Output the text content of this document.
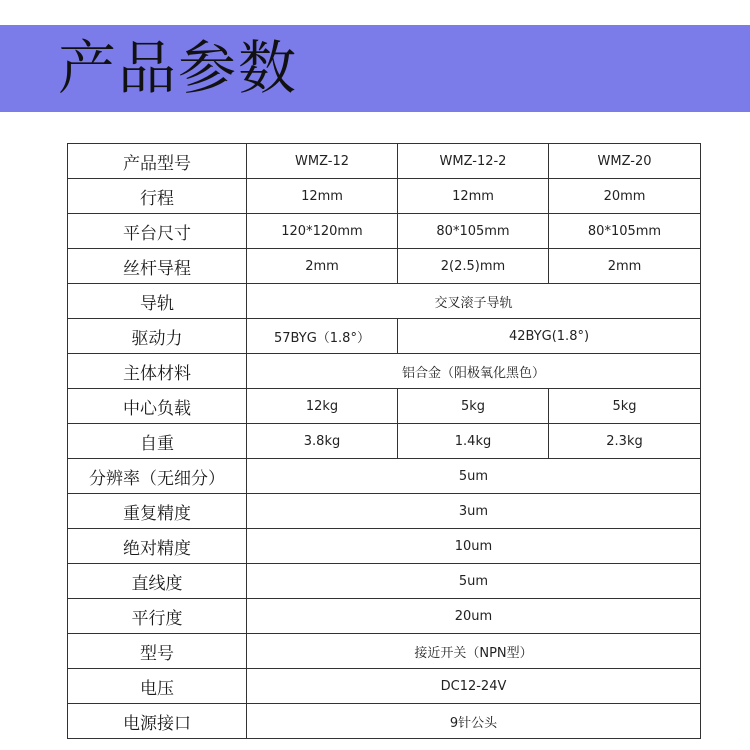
产品参数
产品型号	WMZ-12	WMZ-12-2	WMZ-20
行程	12mm	12mm	20mm
平台尺寸	120*120mm	80*105mm	80*105mm
丝杆导程	2mm	2(2.5)mm	2mm
导轨	交叉滚子导轨		
驱动力	57BYG（1.8°）	42BYG(1.8°)	
主体材料	铝合金（阳极氧化黑色）		
中心负载	12kg	5kg	5kg
自重	3.8kg	1.4kg	2.3kg
分辨率（无细分）	5um		
重复精度	3um		
绝对精度	10um		
直线度	5um		
平行度	20um		
型号	接近开关（NPN型）		
电压	DC12-24V		
电源接口	9针公头		
